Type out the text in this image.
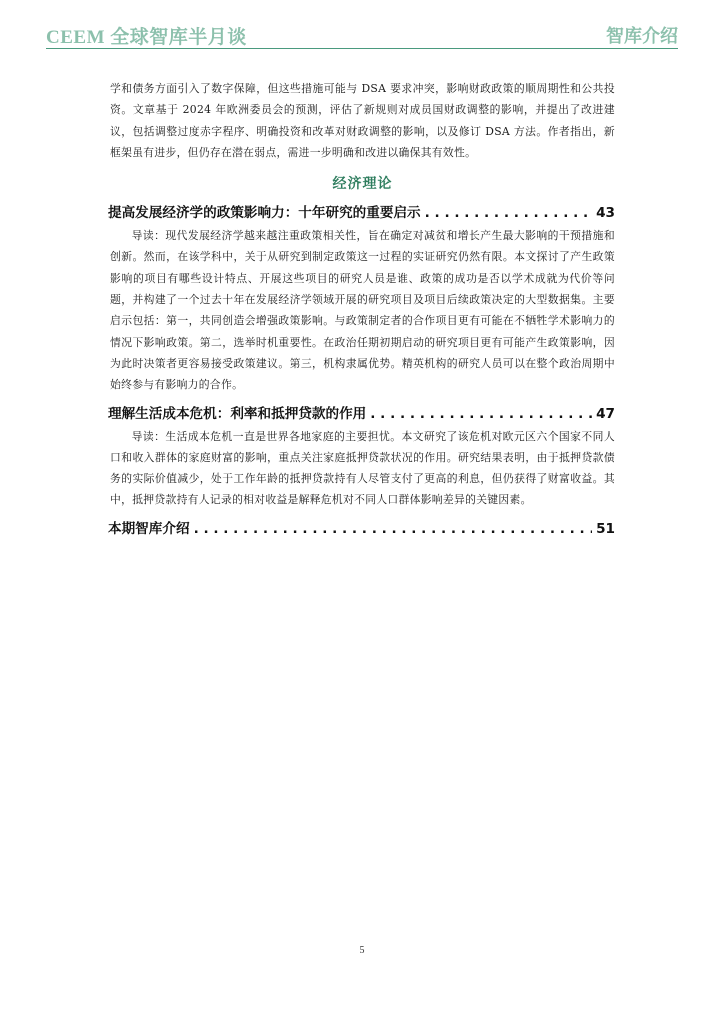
CEEM 全球智库半月谈	智库介绍

学和债务方面引入了数字保障，但这些措施可能与 DSA 要求冲突，影响财政政策的顺周期性和公共投资。文章基于 2024 年欧洲委员会的预测，评估了新规则对成员国财政调整的影响，并提出了改进建议，包括调整过度赤字程序、明确投资和改革对财政调整的影响，以及修订 DSA 方法。作者指出，新框架虽有进步，但仍存在潜在弱点，需进一步明确和改进以确保其有效性。

经济理论
提高发展经济学的政策影响力：十年研究的重要启示 . . .	43

导读：现代发展经济学越来越注重政策相关性，旨在确定对减贫和增长产生最大影响的干预措施和创新。然而，在该学科中，关于从研究到制定政策这一过程的实证研究仍然有限。本文探讨了产生政策影响的项目有哪些设计特点、开展这些项目的研究人员是谁、政策的成功是否以学术成就为代价等问题，并构建了一个过去十年在发展经济学领域开展的研究项目及项目后续政策决定的大型数据集。主要启示包括：第一，共同创造会增强政策影响。与政策制定者的合作项目更有可能在不牺牲学术影响力的情况下影响政策。第二，选举时机重要性。在政治任期初期启动的研究项目更有可能产生政策影响，因为此时决策者更容易接受政策建议。第三，机构隶属优势。精英机构的研究人员可以在整个政治周期中始终参与有影响力的合作。

理解生活成本危机：利率和抵押贷款的作用 . . .	47

导读：生活成本危机一直是世界各地家庭的主要担忧。本文研究了该危机对欧元区六个国家不同人口和收入群体的家庭财富的影响，重点关注家庭抵押贷款状况的作用。研究结果表明，由于抵押贷款债务的实际价值减少，处于工作年龄的抵押贷款持有人尽管支付了更高的利息，但仍获得了财富收益。其中，抵押贷款持有人记录的相对收益是解释危机对不同人口群体影响差异的关键因素。

本期智库介绍 . . .	51
5
